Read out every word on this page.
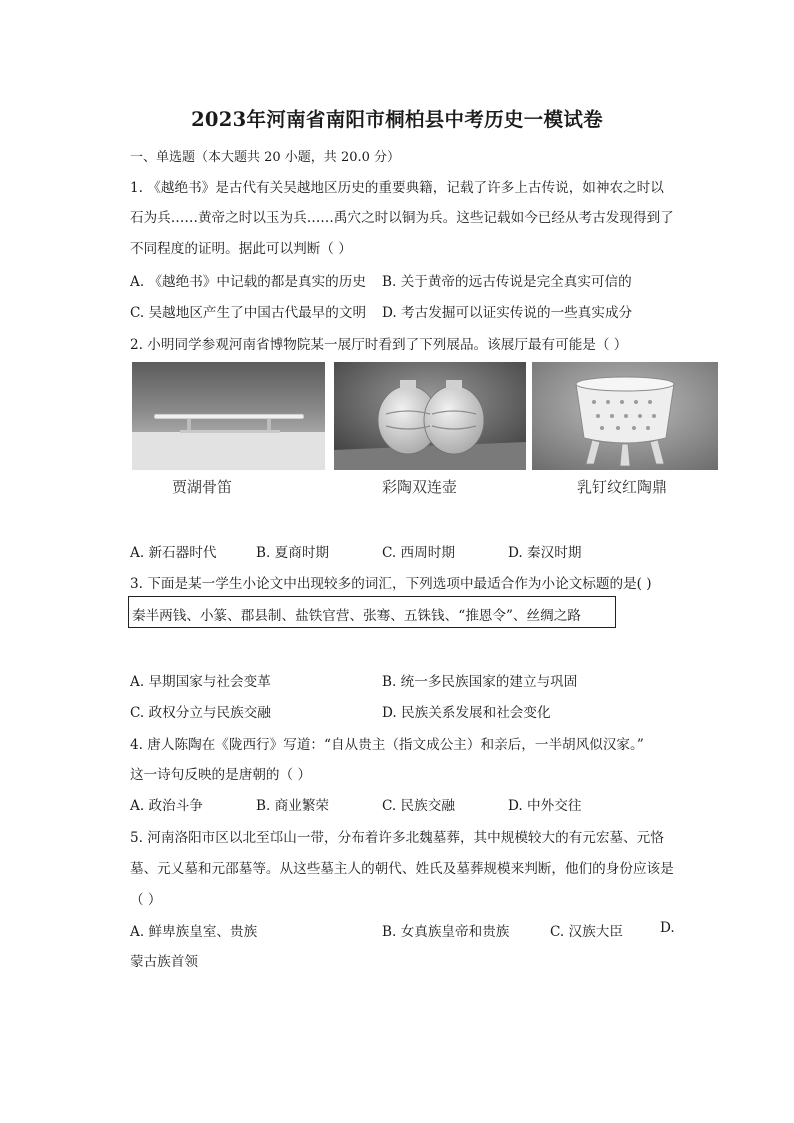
2023年河南省南阳市桐柏县中考历史一模试卷
一、单选题（本大题共 20 小题，共 20.0 分）
1. 《越绝书》是古代有关吴越地区历史的重要典籍，记载了许多上古传说，如神农之时以
石为兵……黄帝之时以玉为兵……禹穴之时以铜为兵。这些记载如今已经从考古发现得到了
不同程度的证明。据此可以判断（ ）
A. 《越绝书》中记载的都是真实的历史 B. 关于黄帝的远古传说是完全真实可信的
C. 吴越地区产生了中国古代最早的文明 D. 考古发掘可以证实传说的一些真实成分
2. 小明同学参观河南省博物院某一展厅时看到了下列展品。该展厅最有可能是（ ）
贾湖骨笛	彩陶双连壶	乳钉纹红陶鼎
A. 新石器时代	B. 夏商时期	C. 西周时期	D. 秦汉时期
3. 下面是某一学生小论文中出现较多的词汇，下列选项中最适合作为小论文标题的是( )
秦半两钱、小篆、郡县制、盐铁官营、张骞、五铢钱、“推恩令”、丝绸之路
A. 早期国家与社会变革	B. 统一多民族国家的建立与巩固
C. 政权分立与民族交融	D. 民族关系发展和社会变化
4. 唐人陈陶在《陇西行》写道：“自从贵主（指文成公主）和亲后，一半胡风似汉家。”
这一诗句反映的是唐朝的（ ）
A. 政治斗争	B. 商业繁荣	C. 民族交融	D. 中外交往
5. 河南洛阳市区以北至邙山一带，分布着许多北魏墓葬，其中规模较大的有元宏墓、元恪
墓、元乂墓和元邵墓等。从这些墓主人的朝代、姓氏及墓葬规模来判断，他们的身份应该是
（ ）
A. 鲜卑族皇室、贵族	B. 女真族皇帝和贵族	C. 汉族大臣	D.
蒙古族首领
